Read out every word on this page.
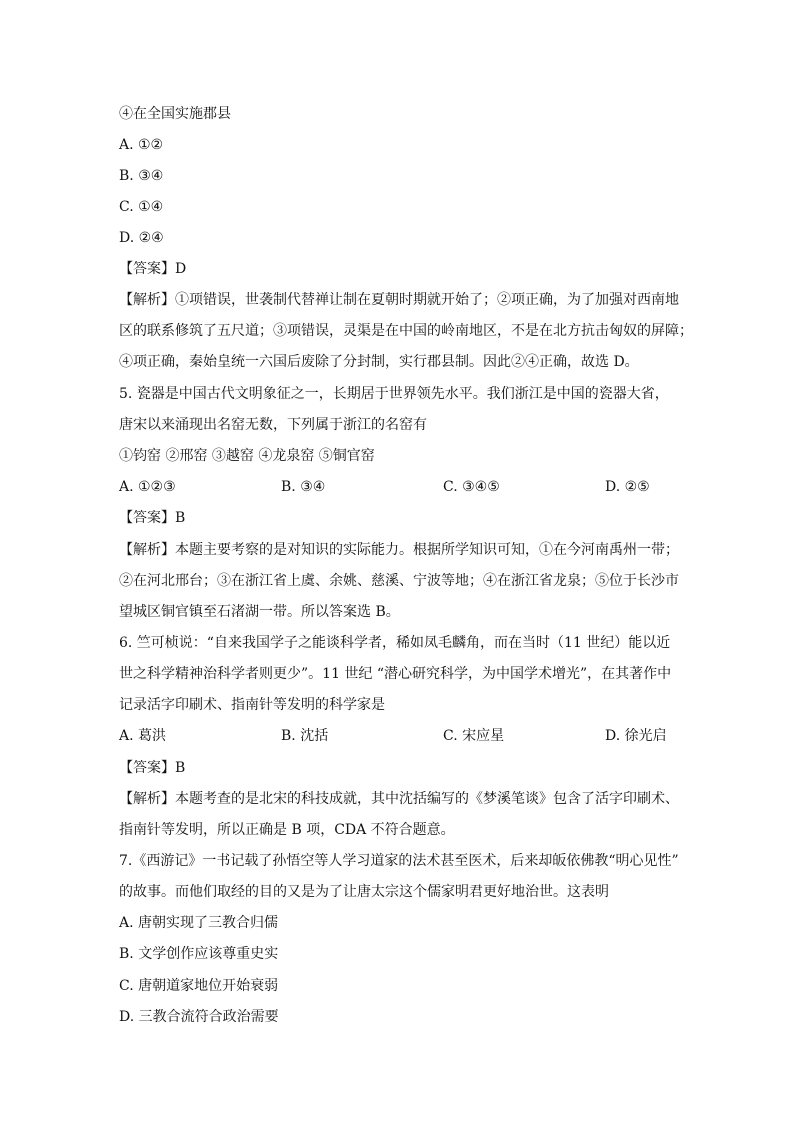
④在全国实施郡县
A. ①②
B. ③④
C. ①④
D. ②④
【答案】D
【解析】①项错误，世袭制代替禅让制在夏朝时期就开始了；②项正确，为了加强对西南地
区的联系修筑了五尺道；③项错误，灵渠是在中国的岭南地区，不是在北方抗击匈奴的屏障；
④项正确，秦始皇统一六国后废除了分封制，实行郡县制。因此②④正确，故选 D。
5. 瓷器是中国古代文明象征之一，长期居于世界领先水平。我们浙江是中国的瓷器大省，
唐宋以来涌现出名窑无数，下列属于浙江的名窑有
①钧窑 ②邢窑 ③越窑 ④龙泉窑 ⑤铜官窑
A. ①②③	B. ③④	C. ③④⑤	D. ②⑤
【答案】B
【解析】本题主要考察的是对知识的实际能力。根据所学知识可知，①在今河南禹州一带；
②在河北邢台；③在浙江省上虞、余姚、慈溪、宁波等地；④在浙江省龙泉；⑤位于长沙市
望城区铜官镇至石渚湖一带。所以答案选 B。
6. 竺可桢说：“自来我国学子之能谈科学者，稀如凤毛麟角，而在当时（11 世纪）能以近
世之科学精神治科学者则更少”。11 世纪 “潜心研究科学，为中国学术增光”，在其著作中
记录活字印刷术、指南针等发明的科学家是
A. 葛洪	B. 沈括	C. 宋应星	D. 徐光启
【答案】B
【解析】本题考查的是北宋的科技成就，其中沈括编写的《梦溪笔谈》包含了活字印刷术、
指南针等发明，所以正确是 B 项，CDA 不符合题意。
7.《西游记》一书记载了孙悟空等人学习道家的法术甚至医术，后来却皈依佛教“明心见性”
的故事。而他们取经的目的又是为了让唐太宗这个儒家明君更好地治世。这表明
A. 唐朝实现了三教合归儒
B. 文学创作应该尊重史实
C. 唐朝道家地位开始衰弱
D. 三教合流符合政治需要
